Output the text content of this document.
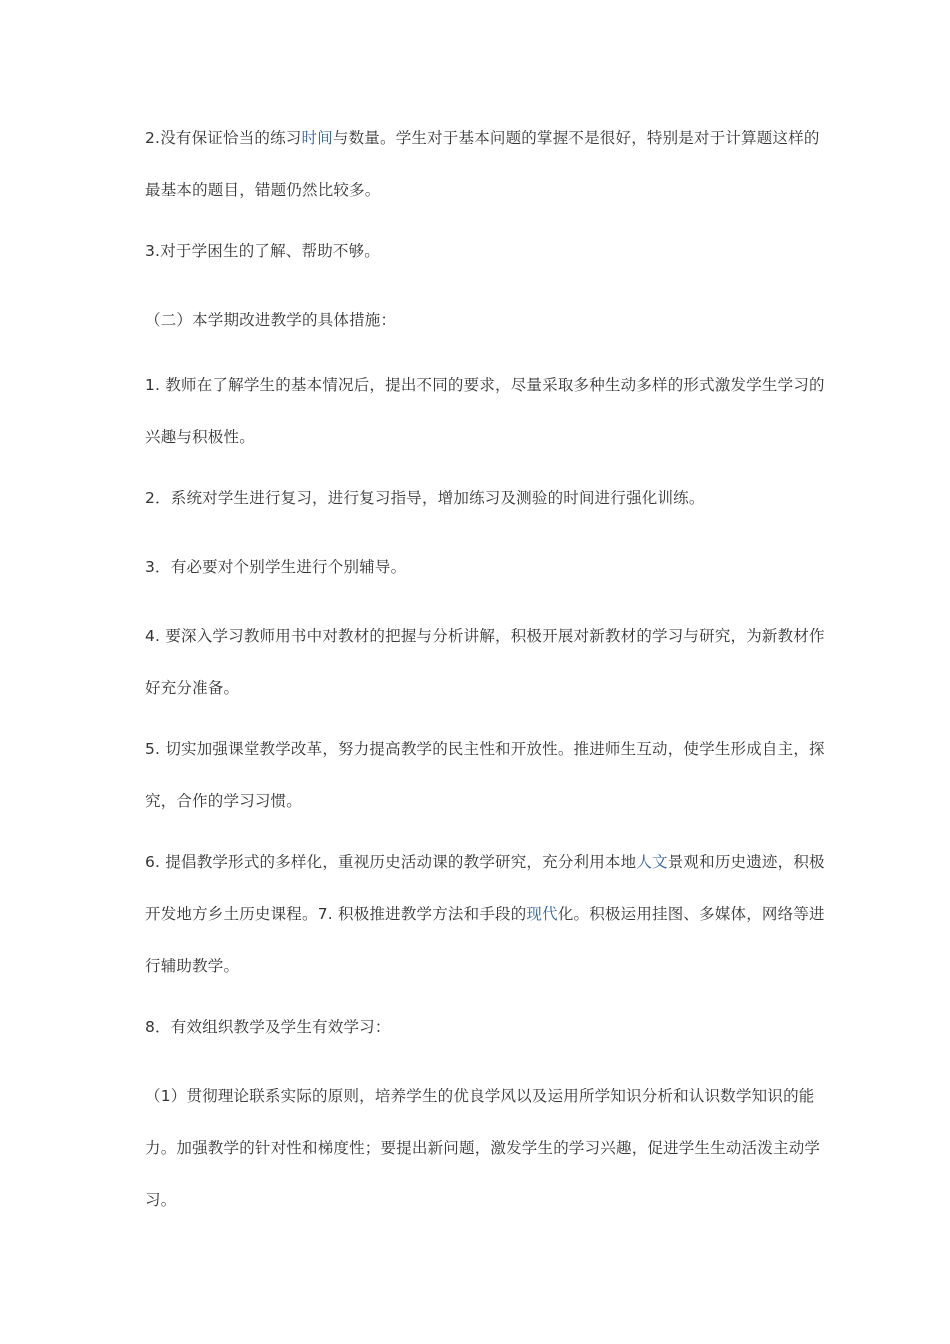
2.没有保证恰当的练习时间与数量。学生对于基本问题的掌握不是很好，特别是对于计算题这样的最基本的题目，错题仍然比较多。

3.对于学困生的了解、帮助不够。

（二）本学期改进教学的具体措施：

1. 教师在了解学生的基本情况后，提出不同的要求，尽量采取多种生动多样的形式激发学生学习的兴趣与积极性。

2．系统对学生进行复习，进行复习指导，增加练习及测验的时间进行强化训练。

3．有必要对个别学生进行个别辅导。

4. 要深入学习教师用书中对教材的把握与分析讲解，积极开展对新教材的学习与研究，为新教材作好充分准备。

5. 切实加强课堂教学改革，努力提高教学的民主性和开放性。推进师生互动，使学生形成自主，探究，合作的学习习惯。

6. 提倡教学形式的多样化，重视历史活动课的教学研究，充分利用本地人文景观和历史遗迹，积极开发地方乡土历史课程。7. 积极推进教学方法和手段的现代化。积极运用挂图、多媒体，网络等进行辅助教学。

8．有效组织教学及学生有效学习：

（1）贯彻理论联系实际的原则，培养学生的优良学风以及运用所学知识分析和认识数学知识的能力。加强教学的针对性和梯度性；要提出新问题，激发学生的学习兴趣，促进学生生动活泼主动学习。
